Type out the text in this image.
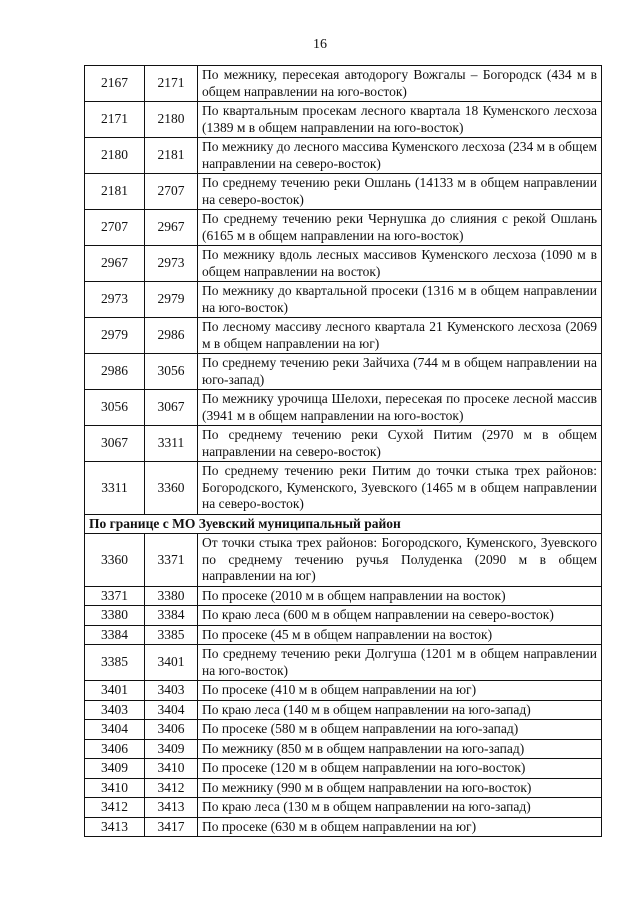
16
2167	2171	По межнику, пересекая автодорогу Вожгалы – Богородск (434 м в общем направлении на юго-восток)
2171	2180	По квартальным просекам лесного квартала 18 Куменского лесхоза (1389 м в общем направлении на юго-восток)
2180	2181	По межнику до лесного массива Куменского лесхоза (234 м в общем направлении на северо-восток)
2181	2707	По среднему течению реки Ошлань (14133 м в общем направлении на северо-восток)
2707	2967	По среднему течению реки Чернушка до слияния с рекой Ошлань (6165 м в общем направлении на юго-восток)
2967	2973	По межнику вдоль лесных массивов Куменского лесхоза (1090 м в общем направлении на восток)
2973	2979	По межнику до квартальной просеки (1316 м в общем направлении на юго-восток)
2979	2986	По лесному массиву лесного квартала 21 Куменского лесхоза (2069 м в общем направлении на юг)
2986	3056	По среднему течению реки Зайчиха (744 м в общем направлении на юго-запад)
3056	3067	По межнику урочища Шелохи, пересекая по просеке лесной массив (3941 м в общем направлении на юго-восток)
3067	3311	По среднему течению реки Сухой Питим (2970 м в общем направлении на северо-восток)
3311	3360	По среднему течению реки Питим до точки стыка трех районов: Богородского, Куменского, Зуевского (1465 м в общем направлении на северо-восток)
По границе с МО Зуевский муниципальный район		
3360	3371	От точки стыка трех районов: Богородского, Куменского, Зуевского по среднему течению ручья Полуденка (2090 м в общем направлении на юг)
3371	3380	По просеке (2010 м в общем направлении на восток)
3380	3384	По краю леса (600 м в общем направлении на северо-восток)
3384	3385	По просеке (45 м в общем направлении на восток)
3385	3401	По среднему течению реки Долгуша (1201 м в общем направлении на юго-восток)
3401	3403	По просеке (410 м в общем направлении на юг)
3403	3404	По краю леса (140 м в общем направлении на юго-запад)
3404	3406	По просеке (580 м в общем направлении на юго-запад)
3406	3409	По межнику (850 м в общем направлении на юго-запад)
3409	3410	По просеке (120 м в общем направлении на юго-восток)
3410	3412	По межнику (990 м в общем направлении на юго-восток)
3412	3413	По краю леса (130 м в общем направлении на юго-запад)
3413	3417	По просеке (630 м в общем направлении на юг)
